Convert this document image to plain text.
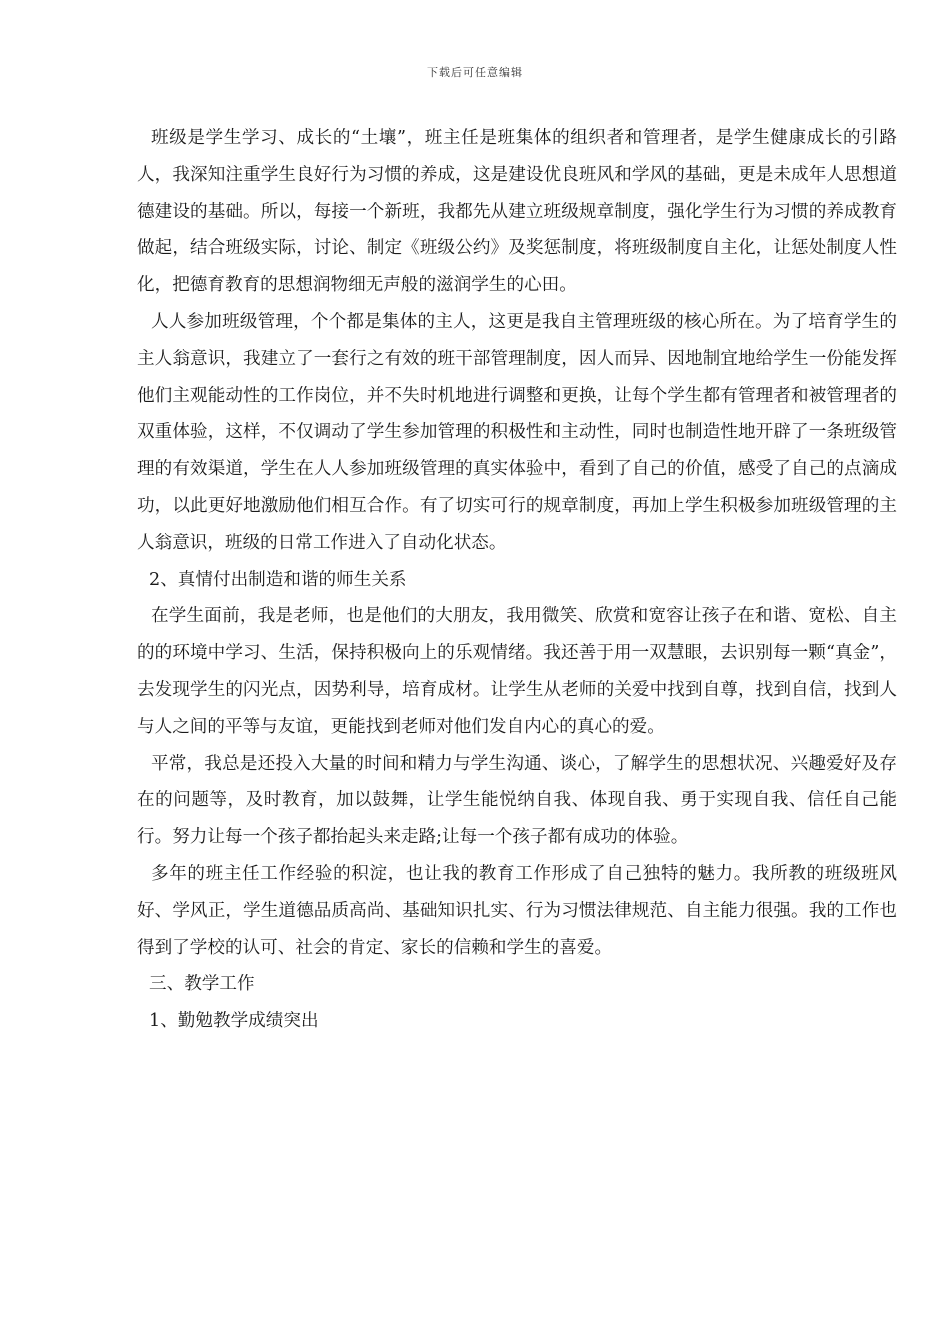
下载后可任意编辑

班级是学生学习、成长的“土壤”，班主任是班集体的组织者和管理者，是学生健康成长的引路人，我深知注重学生良好行为习惯的养成，这是建设优良班风和学风的基础，更是未成年人思想道德建设的基础。所以，每接一个新班，我都先从建立班级规章制度，强化学生行为习惯的养成教育做起，结合班级实际，讨论、制定《班级公约》及奖惩制度，将班级制度自主化，让惩处制度人性化，把德育教育的思想润物细无声般的滋润学生的心田。

人人参加班级管理，个个都是集体的主人，这更是我自主管理班级的核心所在。为了培育学生的主人翁意识，我建立了一套行之有效的班干部管理制度，因人而异、因地制宜地给学生一份能发挥他们主观能动性的工作岗位，并不失时机地进行调整和更换，让每个学生都有管理者和被管理者的双重体验，这样，不仅调动了学生参加管理的积极性和主动性，同时也制造性地开辟了一条班级管理的有效渠道，学生在人人参加班级管理的真实体验中，看到了自己的价值，感受了自己的点滴成功，以此更好地激励他们相互合作。有了切实可行的规章制度，再加上学生积极参加班级管理的主人翁意识，班级的日常工作进入了自动化状态。

2、真情付出制造和谐的师生关系

在学生面前，我是老师，也是他们的大朋友，我用微笑、欣赏和宽容让孩子在和谐、宽松、自主的的环境中学习、生活，保持积极向上的乐观情绪。我还善于用一双慧眼，去识别每一颗“真金”，去发现学生的闪光点，因势利导，培育成材。让学生从老师的关爱中找到自尊，找到自信，找到人与人之间的平等与友谊，更能找到老师对他们发自内心的真心的爱。

平常，我总是还投入大量的时间和精力与学生沟通、谈心，了解学生的思想状况、兴趣爱好及存在的问题等，及时教育，加以鼓舞，让学生能悦纳自我、体现自我、勇于实现自我、信任自己能行。努力让每一个孩子都抬起头来走路;让每一个孩子都有成功的体验。

多年的班主任工作经验的积淀，也让我的教育工作形成了自己独特的魅力。我所教的班级班风好、学风正，学生道德品质高尚、基础知识扎实、行为习惯法律规范、自主能力很强。我的工作也得到了学校的认可、社会的肯定、家长的信赖和学生的喜爱。

三、教学工作

1、勤勉教学成绩突出
